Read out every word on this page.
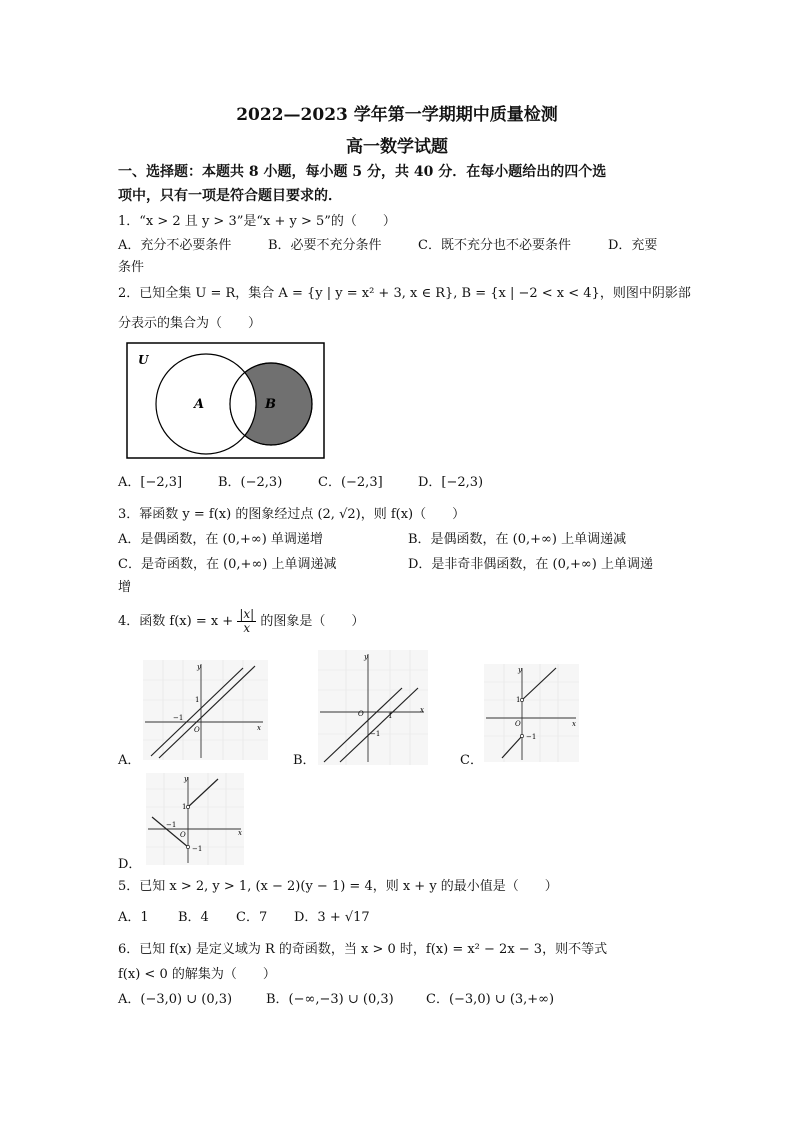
2022—2023 学年第一学期期中质量检测
高一数学试题
一、选择题：本题共 8 小题，每小题 5 分，共 40 分．在每小题给出的四个选
项中，只有一项是符合题目要求的．
1．“x > 2 且 y > 3”是“x + y > 5”的（　　）
A．充分不必要条件	B．必要不充分条件	C．既不充分也不必要条件	D．充要
条件
2．已知全集 U = R，集合 A = {y | y = x² + 3, x ∈ R}, B = {x | −2 < x < 4}，则图中阴影部
分表示的集合为（　　）
U
A	B
A．[−2,3]	B．(−2,3)	C．(−2,3]	D．[−2,3)
3．幂函数 y = f(x) 的图象经过点 (2, √2)，则 f(x)（　　）
A．是偶函数，在 (0,+∞) 单调递增	B．是偶函数，在 (0,+∞) 上单调递减
C．是奇函数，在 (0,+∞) 上单调递减	D．是非奇非偶函数，在 (0,+∞) 上单调递
增
4．函数 $f(x) = x + \frac{|x|}{x}$ 的图象是（　　）
y
x
O
1
−1
A．
y
x
O	1
−1
B．
y
x
O
1
−1
C．
y
x
O
1
−1
−1
D．
5．已知 x > 2, y > 1, (x − 2)(y − 1) = 4，则 x + y 的最小值是（　　）
A．1 B．4 C．7 D．3 + √17
6．已知 f(x) 是定义域为 R 的奇函数，当 x > 0 时，f(x) = x² − 2x − 3，则不等式
f(x) < 0 的解集为（　　）
A．(−3,0) ∪ (0,3)	B．(−∞,−3) ∪ (0,3) C．(−3,0) ∪ (3,+∞)
